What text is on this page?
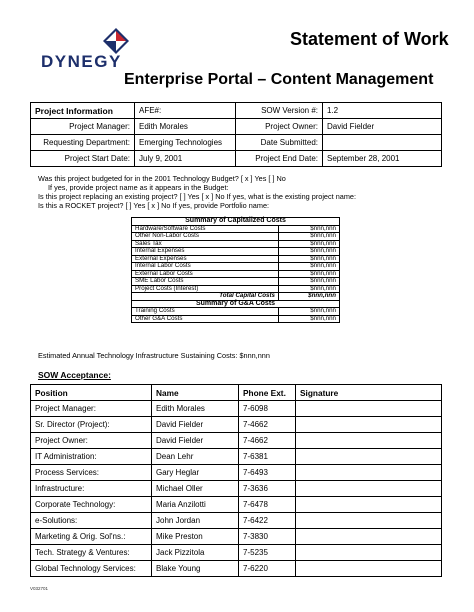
DYNEGY
Statement of Work
Enterprise Portal – Content Management
Project Information	AFE#:	SOW Version #:	1.2
Project Manager:	Edith Morales	Project Owner:	David Fielder
Requesting Department:	Emerging Technologies	Date Submitted:	
Project Start Date:	July 9, 2001	Project End Date:	September 28, 2001
Was this project budgeted for in the 2001 Technology Budget? [ x ] Yes [ ] No
If yes, provide project name as it appears in the Budget:
Is this project replacing an existing project? [ ] Yes [ x ] No If yes, what is the existing project name:
Is this a ROCKET project? [ ] Yes [ x ] No If yes, provide Portfolio name:
Summary of Capitalized Costs	
Hardware/Software Costs	$nnn,nnn
Other Non-Labor Costs	$nnn,nnn
Sales Tax	$nnn,nnn
Internal Expenses	$nnn,nnn
External Expenses	$nnn,nnn
Internal Labor Costs	$nnn,nnn
External Labor Costs	$nnn,nnn
SME Labor Costs	$nnn,nnn
Project Costs (Interest)	$nnn,nnn
Total Capital Costs	$nnn,nnn
Summary of G&A Costs	
Training Costs	$nnn,nnn
Other G&A Costs	$nnn,nnn
Estimated Annual Technology Infrastructure Sustaining Costs: $nnn,nnn
SOW Acceptance:
Position	Name	Phone Ext.	Signature
Project Manager:	Edith Morales	7-6098	
Sr. Director (Project):	David Fielder	7-4662	
Project Owner:	David Fielder	7-4662	
IT Administration:	Dean Lehr	7-6381	
Process Services:	Gary Heglar	7-6493	
Infrastructure:	Michael Oller	7-3636	
Corporate Technology:	Maria Anzilotti	7-6478	
e-Solutions:	John Jordan	7-6422	
Marketing & Orig. Sol'ns.:	Mike Preston	7-3830	
Tech. Strategy & Ventures:	Jack Pizzitola	7-5235	
Global Technology Services:	Blake Young	7-6220	
V032701
